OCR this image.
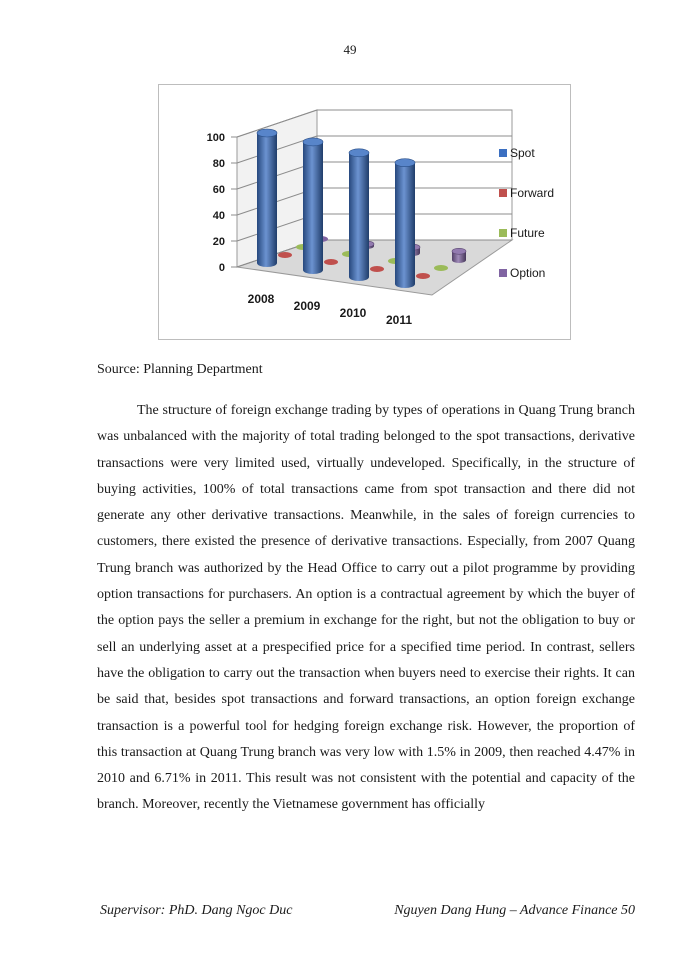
49
0
20
40
60
80
100
2008 2009 2010 2011
Spot
Forward
Future
Option
Source: Planning Department

The structure of foreign exchange trading by types of operations in Quang Trung branch was unbalanced with the majority of total trading belonged to the spot transactions, derivative transactions were very limited used, virtually undeveloped. Specifically, in the structure of buying activities, 100% of total transactions came from spot transaction and there did not generate any other derivative transactions. Meanwhile, in the sales of foreign currencies to customers, there existed the presence of derivative transactions. Especially, from 2007 Quang Trung branch was authorized by the Head Office to carry out a pilot programme by providing option transactions for purchasers. An option is a contractual agreement by which the buyer of the option pays the seller a premium in exchange for the right, but not the obligation to buy or sell an underlying asset at a prespecified price for a specified time period. In contrast, sellers have the obligation to carry out the transaction when buyers need to exercise their rights. It can be said that, besides spot transactions and forward transactions, an option foreign exchange transaction is a powerful tool for hedging foreign exchange risk. However, the proportion of this transaction at Quang Trung branch was very low with 1.5% in 2009, then reached 4.47% in 2010 and 6.71% in 2011. This result was not consistent with the potential and capacity of the branch. Moreover, recently the Vietnamese government has officially

Supervisor: PhD. Dang Ngoc Duc	Nguyen Dang Hung – Advance Finance 50
